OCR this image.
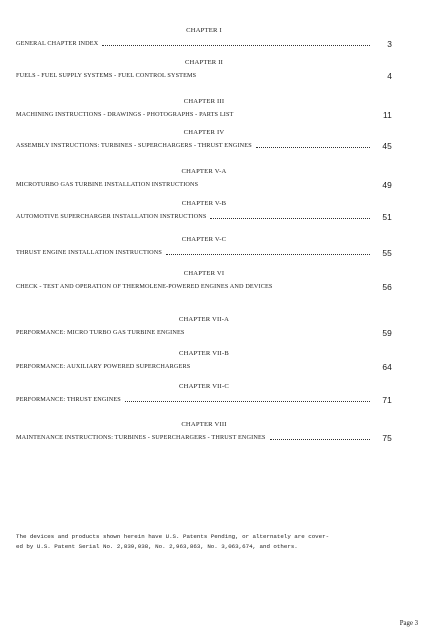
CHAPTER I
GENERAL CHAPTER INDEX	3
CHAPTER II
FUELS - FUEL SUPPLY SYSTEMS - FUEL CONTROL SYSTEMS	4
CHAPTER III
MACHINING INSTRUCTIONS - DRAWINGS - PHOTOGRAPHS - PARTS LIST	11
CHAPTER IV
ASSEMBLY INSTRUCTIONS: TURBINES - SUPERCHARGERS - THRUST ENGINES	45
CHAPTER V-A
MICROTURBO GAS TURBINE INSTALLATION INSTRUCTIONS	49
CHAPTER V-B
AUTOMOTIVE SUPERCHARGER INSTALLATION INSTRUCTIONS	51
CHAPTER V-C
THRUST ENGINE INSTALLATION INSTRUCTIONS	55
CHAPTER VI
CHECK - TEST AND OPERATION OF THERMOLENE-POWERED ENGINES AND DEVICES	56
CHAPTER VII-A
PERFORMANCE: MICRO TURBO GAS TURBINE ENGINES	59
CHAPTER VII-B
PERFORMANCE: AUXILIARY POWERED SUPERCHARGERS	64
CHAPTER VII-C
PERFORMANCE: THRUST ENGINES	71
CHAPTER VIII
MAINTENANCE INSTRUCTIONS: TURBINES - SUPERCHARGERS - THRUST ENGINES	75

The devices and products shown herein have U.S. Patents Pending, or alternately are cover-

ed by U.S. Patent Serial No. 2,839,038, No. 2,963,863, No. 3,063,674, and others.

Page 3
